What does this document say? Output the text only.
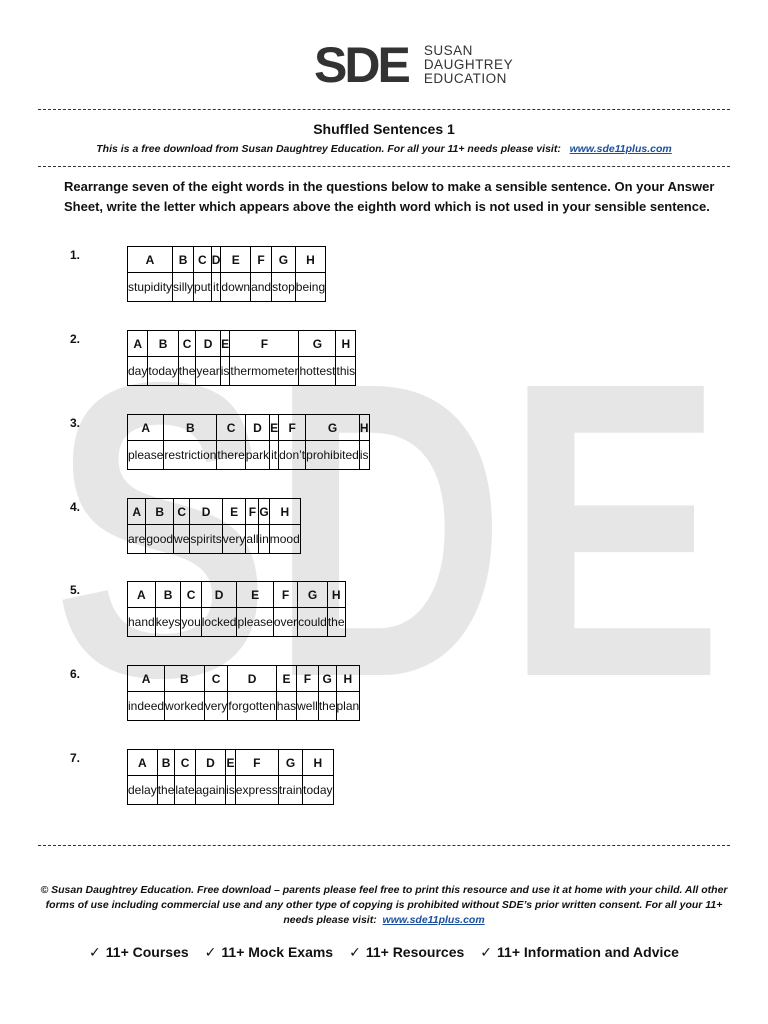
SDE
SDE SUSAN
DAUGHTREY
EDUCATION
Shuffled Sentences 1
This is a free download from Susan Daughtrey Education. For all your 11+ needs please visit: www.sde11plus.com
Rearrange seven of the eight words in the questions below to make a sensible sentence. On your Answer Sheet, write the letter which appears above the eighth word which is not used in your sensible sentence.
1.	A	B	C	D	E	F	G	H
stupidity	silly	put	it	down	and	stop	being
2.	A	B	C	D	E	F	G	H
day	today	the	year	is	thermometer	hottest	this
3.	A	B	C	D	E	F	G	H
please	restriction	there	park	it	don’t	prohibited	is
4.	A	B	C	D	E	F	G	H
are	good	we	spirits	very	all	in	mood
5.	A	B	C	D	E	F	G	H
hand	keys	you	locked	please	over	could	the
6.	A	B	C	D	E	F	G	H
indeed	worked	very	forgotten	has	well	the	plan
7.	A	B	C	D	E	F	G	H
delay	the	late	again	is	express	train	today
© Susan Daughtrey Education. Free download – parents please feel free to print this resource and use it at home with your child. All other forms of use including commercial use and any other type of copying is prohibited without SDE’s prior written consent. For all your 11+ needs please visit: www.sde11plus.com
✓ 11+ Courses ✓ 11+ Mock Exams ✓ 11+ Resources ✓ 11+ Information and Advice
